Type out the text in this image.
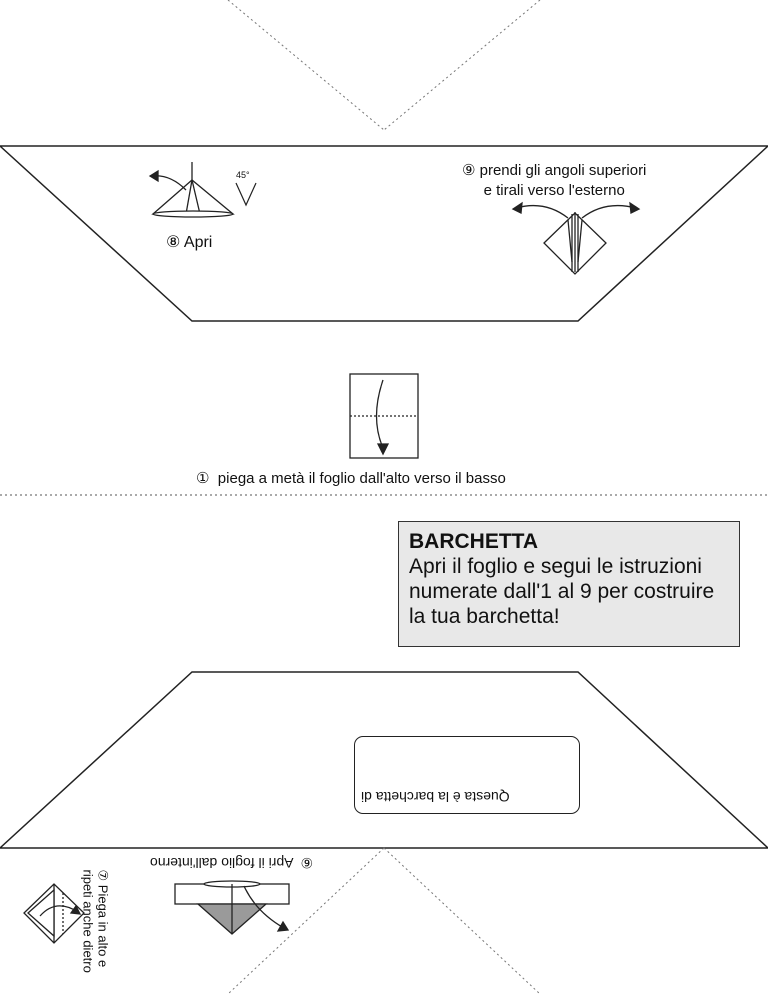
⑧ Apri
45°	⑨ prendi gli angoli superiori
e tirali verso l'esterno
① piega a metà il foglio dall'alto verso il basso
BARCHETTA
Apri il foglio e segui le istruzioni numerate dall'1 al 9 per costruire la tua barchetta!
Questa è la barchetta di
⑥  Apri il foglio dall'interno
⑦ Piega in alto e
ripeti anche dietro
